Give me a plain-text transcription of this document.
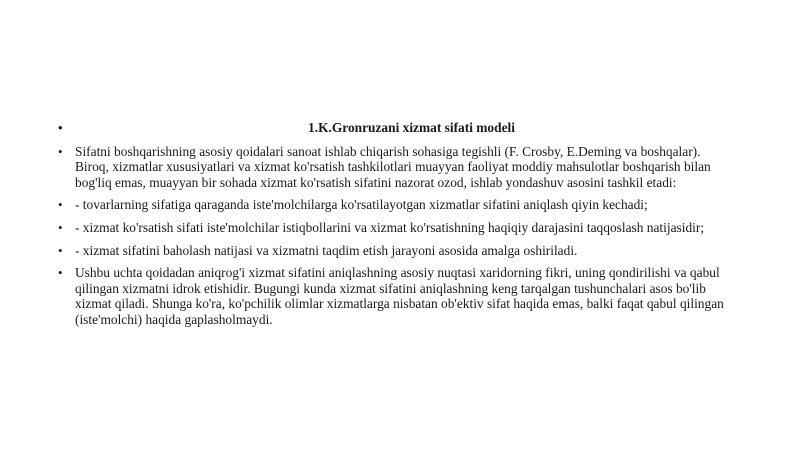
•	1.K.Gronruzani xizmat sifati modeli
• Sifatni boshqarishning asosiy qoidalari sanoat ishlab chiqarish sohasiga tegishli (F. Crosby, E.Deming va boshqalar). Biroq, xizmatlar xususiyatlari va xizmat ko'rsatish tashkilotlari muayyan faoliyat moddiy mahsulotlar boshqarish bilan bog'liq emas, muayyan bir sohada xizmat ko'rsatish sifatini nazorat ozod, ishlab yondashuv asosini tashkil etadi:
• - tovarlarning sifatiga qaraganda iste'molchilarga ko'rsatilayotgan xizmatlar sifatini aniqlash qiyin kechadi;
• - xizmat ko'rsatish sifati iste'molchilar istiqbollarini va xizmat ko'rsatishning haqiqiy darajasini taqqoslash natijasidir;
• - xizmat sifatini baholash natijasi va xizmatni taqdim etish jarayoni asosida amalga oshiriladi.
• Ushbu uchta qoidadan aniqrog'i xizmat sifatini aniqlashning asosiy nuqtasi xaridorning fikri, uning qondirilishi va qabul qilingan xizmatni idrok etishidir. Bugungi kunda xizmat sifatini aniqlashning keng tarqalgan tushunchalari asos bo'lib xizmat qiladi. Shunga ko'ra, ko'pchilik olimlar xizmatlarga nisbatan ob'ektiv sifat haqida emas, balki faqat qabul qilingan (iste'molchi) haqida gaplasholmaydi.
